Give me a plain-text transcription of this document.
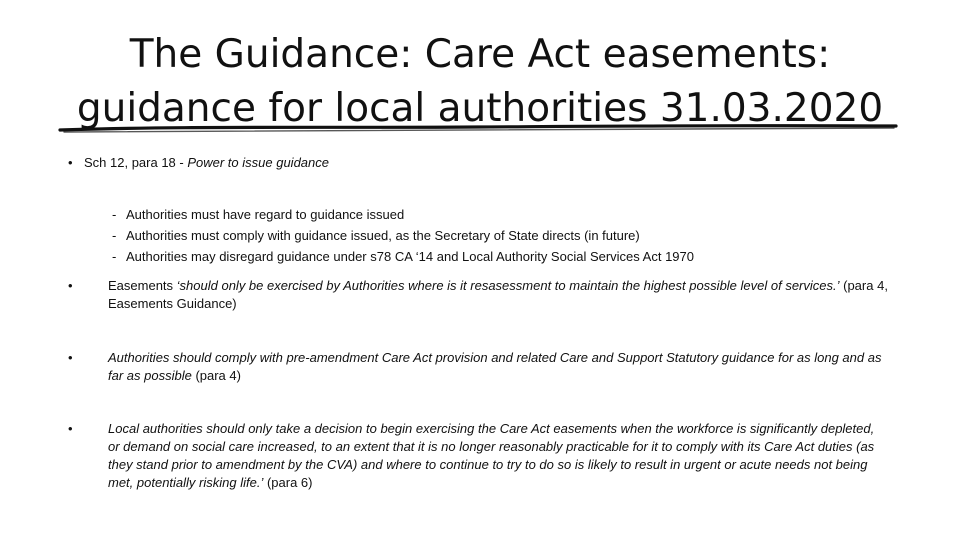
The Guidance: Care Act easements:
guidance for local authorities 31.03.2020
• Sch 12, para 18 - Power to issue guidance
- Authorities must have regard to guidance issued
- Authorities must comply with guidance issued, as the Secretary of State directs (in future)
- Authorities may disregard guidance under s78 CA ‘14 and Local Authority Social Services Act 1970
•	Easements ‘should only be exercised by Authorities where is it resasessment to maintain the highest possible level of services.’ (para 4, Easements Guidance)
•	Authorities should comply with pre-amendment Care Act provision and related Care and Support Statutory guidance for as long and as far as possible (para 4)
•	Local authorities should only take a decision to begin exercising the Care Act easements when the workforce is significantly depleted, or demand on social care increased, to an extent that it is no longer reasonably practicable for it to comply with its Care Act duties (as they stand prior to amendment by the CVA) and where to continue to try to do so is likely to result in urgent or acute needs not being met, potentially risking life.’ (para 6)
